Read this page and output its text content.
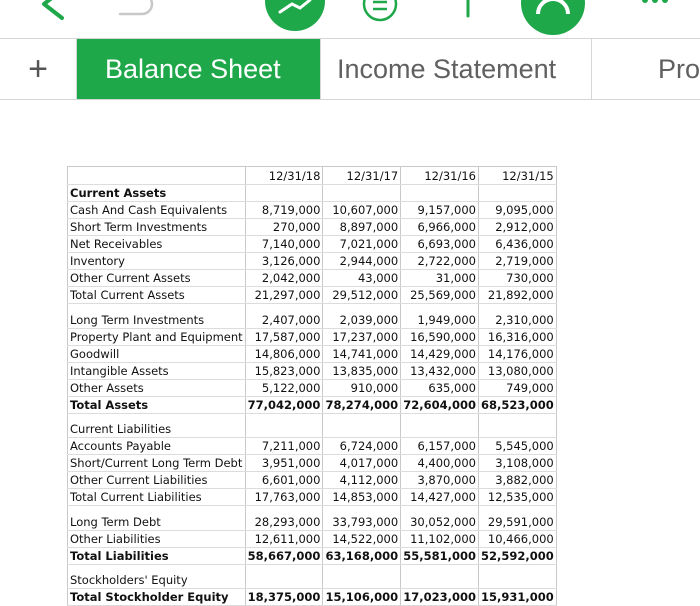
+	Balance Sheet	Income Statement	Pro
	12/31/18	12/31/17	12/31/16	12/31/15
Current Assets				
Cash And Cash Equivalents	8,719,000	10,607,000	9,157,000	9,095,000
Short Term Investments	270,000	8,897,000	6,966,000	2,912,000
Net Receivables	7,140,000	7,021,000	6,693,000	6,436,000
Inventory	3,126,000	2,944,000	2,722,000	2,719,000
Other Current Assets	2,042,000	43,000	31,000	730,000
Total Current Assets	21,297,000	29,512,000	25,569,000	21,892,000

Long Term Investments	2,407,000	2,039,000	1,949,000	2,310,000
Property Plant and Equipment	17,587,000	17,237,000	16,590,000	16,316,000
Goodwill	14,806,000	14,741,000	14,429,000	14,176,000
Intangible Assets	15,823,000	13,835,000	13,432,000	13,080,000
Other Assets	5,122,000	910,000	635,000	749,000
Total Assets	77,042,000	78,274,000	72,604,000	68,523,000

Current Liabilities				
Accounts Payable	7,211,000	6,724,000	6,157,000	5,545,000
Short/Current Long Term Debt	3,951,000	4,017,000	4,400,000	3,108,000
Other Current Liabilities	6,601,000	4,112,000	3,870,000	3,882,000
Total Current Liabilities	17,763,000	14,853,000	14,427,000	12,535,000

Long Term Debt	28,293,000	33,793,000	30,052,000	29,591,000
Other Liabilities	12,611,000	14,522,000	11,102,000	10,466,000
Total Liabilities	58,667,000	63,168,000	55,581,000	52,592,000

Stockholders' Equity				
Total Stockholder Equity	18,375,000	15,106,000	17,023,000	15,931,000
